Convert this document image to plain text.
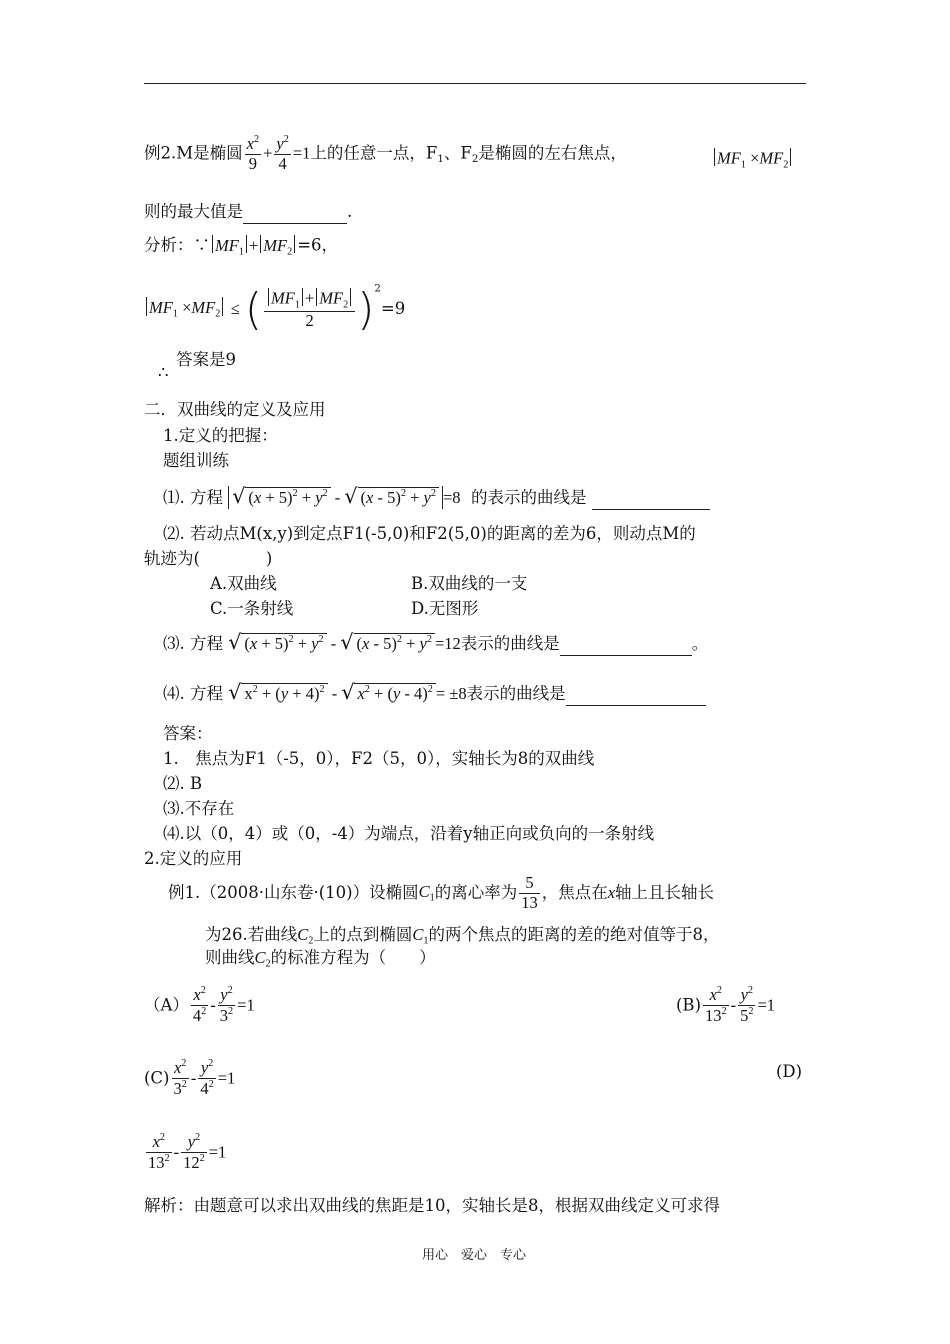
例2.M是椭圆 $\frac{x^2}{9} + \frac{y^2}{4} =1$上的任意一点，$F_1$、$F_2$是椭圆的左右焦点，	$MF_1 \times MF_2$
则的最大值是	.
分析：∵ $MF_1 + MF_2 =6$，
$MF_1 \times MF_2$ ≤ ( $\frac{MF_1 + MF_2}{2} )^2=9$
∴
答案是9
二．双曲线的定义及应用
1.定义的把握：
题组训练
⑴. 方程 √ $(x + 5)^2 + y^2$ - √ $(x - 5)^2 + y^2 =8$ 的表示的曲线是
⑵. 若动点M(x,y)到定点F1(-5,0)和F2(5,0)的距离的差为6，则动点M的
轨迹为(　　　　)
A.双曲线	B.双曲线的一支
C.一条射线	D.无图形
⑶. 方程 √ $(x + 5)^2 + y^2$ - √ $(x - 5)^2 + y^2 =12$表示的曲线是	。
⑷. 方程 √ $x^2 + (y + 4)^2$ - √ $x^2 + (y - 4)^2 = \pm 8$表示的曲线是
答案：
1.　焦点为F1（-5，0），F2（5，0），实轴长为8的双曲线
⑵. B
⑶.不存在
⑷.以（0，4）或（0，-4）为端点，沿着y轴正向或负向的一条射线
2.定义的应用
例1.（2008·山东卷·(10)）设椭圆$C_1$的离心率为 $\frac{5}{13}$ ，焦点在x轴上且长轴长
为26.若曲线$C_2$上的点到椭圆$C_1$的两个焦点的距离的差的绝对值等于8，
则曲线$C_2$的标准方程为（　　）
$(A) \frac{x^2}{4^2} - \frac{y^2}{3^2} =1$	$(B) \frac{x^2}{13^2} - \frac{y^2}{5^2} =1$
$(C) \frac{x^2}{3^2} - \frac{y^2}{4^2} =1$	(D)
$\frac{x^2}{13^2} - \frac{y^2}{12^2} =1$
解析：由题意可以求出双曲线的焦距是10，实轴长是8，根据双曲线定义可求得
用心　爱心　专心
